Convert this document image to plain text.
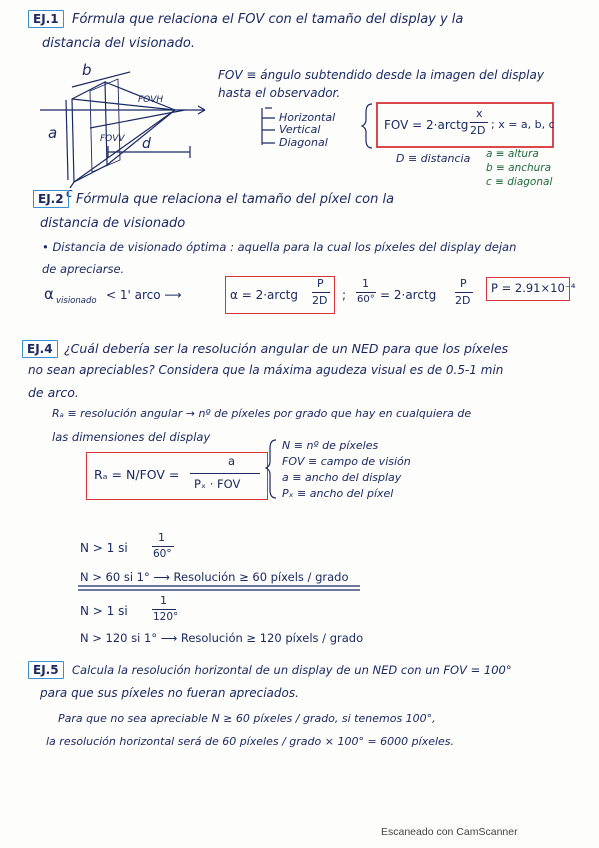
EJ.1	Fórmula que relaciona el FOV con el tamaño del display y la
distancia del visionado.
b
a
c
d
FOVH
FOVV
FOV ≡ ángulo subtendido desde la imagen del display
hasta el observador.
Horizontal
Vertical
Diagonal
FOV = 2·arctg
x
2D ; x = a, b, c
D ≡ distancia a ≡ altura
b ≡ anchura
c ≡ diagonal
EJ.2 Fórmula que relaciona el tamaño del píxel con la
distancia de visionado
• Distancia de visionado óptima : aquella para la cual los píxeles del display dejan
de apreciarse.
α visionado < 1' arco ⟶	α = 2·arctg
P
2D ;
1
60° = 2·arctg
P
2D
P = 2.91×10⁻⁴
EJ.4 ¿Cuál debería ser la resolución angular de un NED para que los píxeles
no sean apreciables? Considera que la máxima agudeza visual es de 0.5-1 min
de arco.
Rₐ ≡ resolución angular → nº de píxeles por grado que hay en cualquiera de
las dimensiones del display
Rₐ = N/FOV =
a
Pₓ · FOV
N ≡ nº de píxeles
FOV ≡ campo de visión
a ≡ ancho del display
Pₓ ≡ ancho del píxel
N > 1 si
1
60°
N > 60 si 1° ⟶ Resolución ≥ 60 píxels / grado
N > 1 si
1
120°
N > 120 si 1° ⟶ Resolución ≥ 120 píxels / grado
EJ.5	Calcula la resolución horizontal de un display de un NED con un FOV = 100°
para que sus píxeles no fueran apreciados.
Para que no sea apreciable N ≥ 60 píxeles / grado, si tenemos 100°,
la resolución horizontal será de 60 píxeles / grado × 100° = 6000 píxeles.
Escaneado con CamScanner
